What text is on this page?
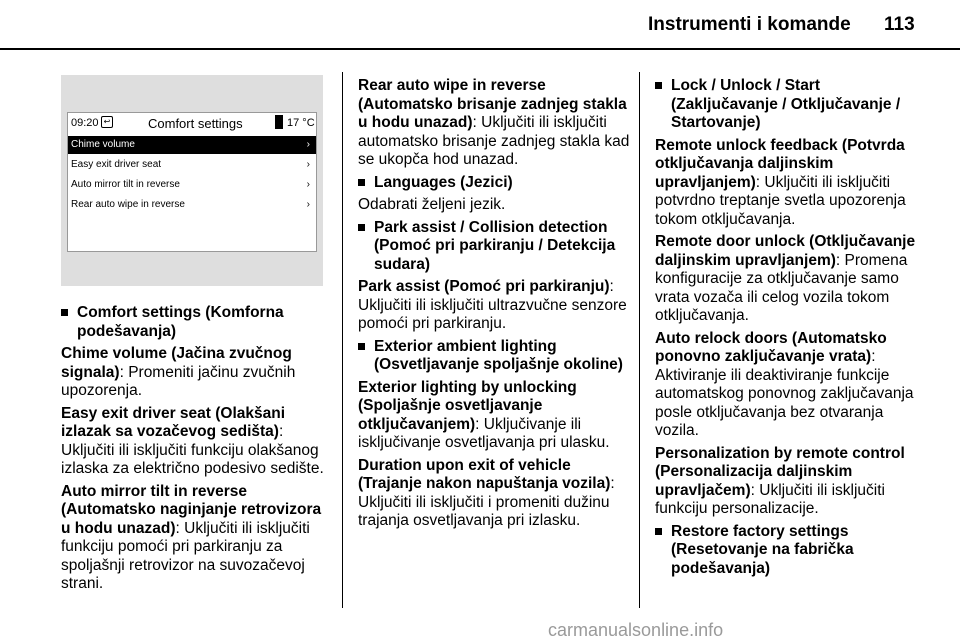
Instrumenti i komande 113
09:20 ↩	Comfort settings	17 °C
Chime volume	›
Easy exit driver seat	›
Auto mirror tilt in reverse	›
Rear auto wipe in reverse	›
Comfort settings (Komforna podešavanja)

Chime volume (Jačina zvučnog signala): Promeniti jačinu zvučnih upozorenja.

Easy exit driver seat (Olakšani izlazak sa vozačevog sedišta): Uključiti ili isključiti funkciju olakšanog izlaska za električno podesivo sedište.

Auto mirror tilt in reverse (Automatsko naginjanje retrovizora u hodu unazad): Uključiti ili isključiti funkciju pomoći pri parkiranju za spoljašnji retrovizor na suvozačevoj strani.

Rear auto wipe in reverse (Automatsko brisanje zadnjeg stakla u hodu unazad): Uključiti ili isključiti automatsko brisanje zadnjeg stakla kad se ukopča hod unazad.

Languages (Jezici)

Odabrati željeni jezik.

Park assist / Collision detection (Pomoć pri parkiranju / Detekcija sudara)

Park assist (Pomoć pri parkiranju): Uključiti ili isključiti ultrazvučne senzore pomoći pri parkiranju.

Exterior ambient lighting (Osvetljavanje spoljašnje okoline)

Exterior lighting by unlocking (Spoljašnje osvetljavanje otključavanjem): Uključivanje ili isključivanje osvetljavanja pri ulasku.

Duration upon exit of vehicle (Trajanje nakon napuštanja vozila): Uključiti ili isključiti i promeniti dužinu trajanja osvetljavanja pri izlasku.

Lock / Unlock / Start (Zaključavanje / Otključavanje / Startovanje)

Remote unlock feedback (Potvrda otključavanja daljinskim upravljanjem): Uključiti ili isključiti potvrdno treptanje svetla upozorenja tokom otključavanja.

Remote door unlock (Otključavanje daljinskim upravljanjem): Promena konfiguracije za otključavanje samo vrata vozača ili celog vozila tokom otključavanja.

Auto relock doors (Automatsko ponovno zaključavanje vrata): Aktiviranje ili deaktiviranje funkcije automatskog ponovnog zaključavanja posle otključavanja bez otvaranja vozila.

Personalization by remote control (Personalizacija daljinskim upravljačem): Uključiti ili isključiti funkciju personalizacije.

Restore factory settings (Resetovanje na fabrička podešavanja)
carmanualsonline.info
